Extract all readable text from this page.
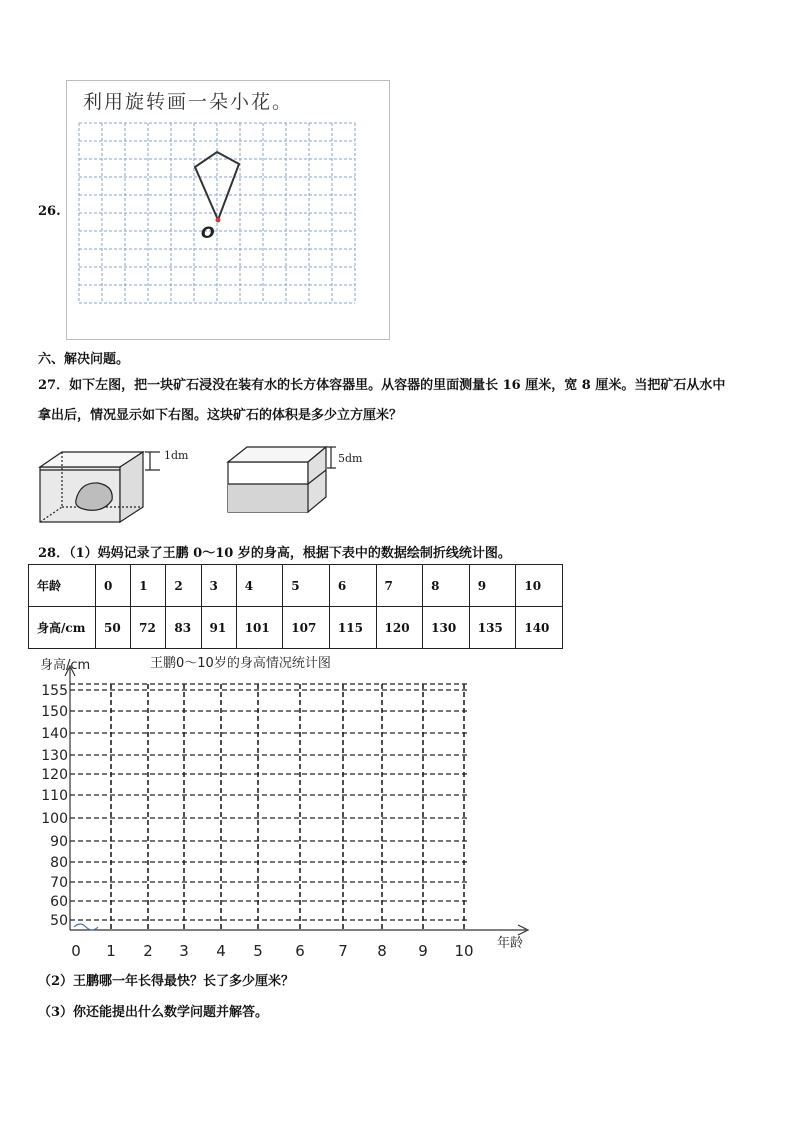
26.
利用旋转画一朵小花。
O
六、解决问题。
27．如下左图，把一块矿石浸没在装有水的长方体容器里。从容器的里面测量长 16 厘米，宽 8 厘米。当把矿石从水中
拿出后，情况显示如下右图。这块矿石的体积是多少立方厘米？
1dm	5dm
28．（1）妈妈记录了王鹏 0～10 岁的身高，根据下表中的数据绘制折线统计图。
年龄	0	1	2	3	4	5	6	7	8	9	10
身高/cm	50	72	83	91	101	107	115	120	130	135	140
王鹏0～10岁的身高情况统计图
身高/cm
年龄
155
150
140
130
120
110
100
90
80
70
60
50
0 1 2 3 4 5 6 7 8 9 10
（2）王鹏哪一年长得最快？长了多少厘米？
（3）你还能提出什么数学问题并解答。
